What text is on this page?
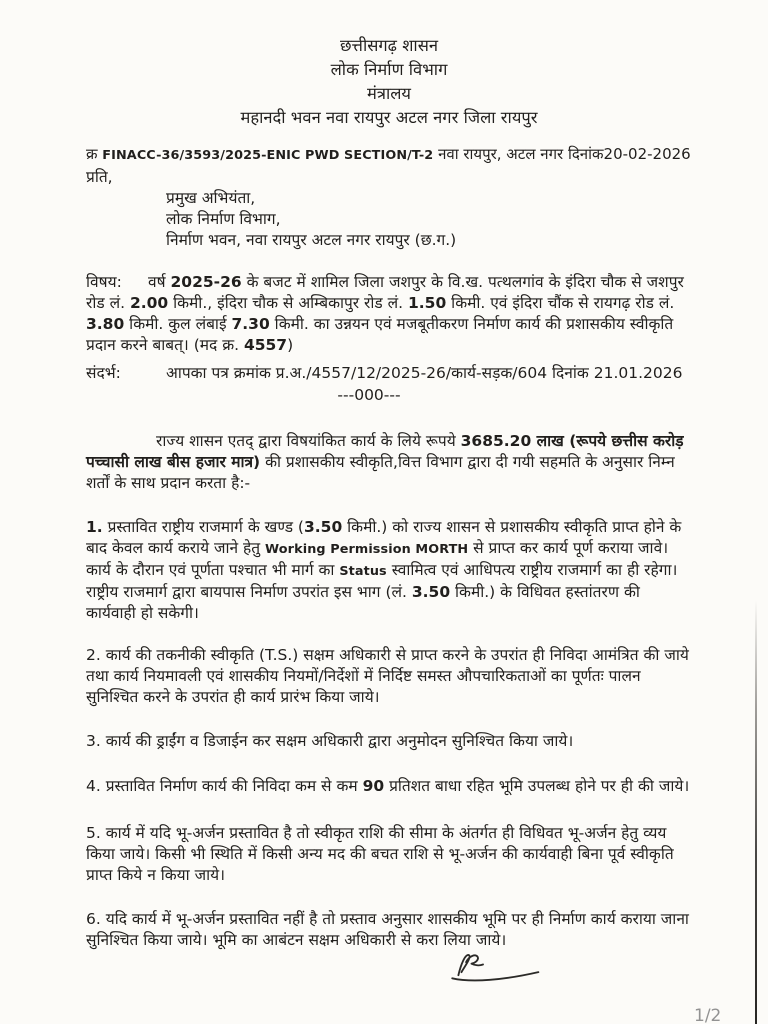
छत्तीसगढ़ शासन
लोक निर्माण विभाग
मंत्रालय
महानदी भवन नवा रायपुर अटल नगर जिला रायपुर
क्र FINACC-36/3593/2025-ENIC PWD SECTION/T-2 नवा रायपुर, अटल नगर दिनांक20-02-2026
प्रति,
प्रमुख अभियंता,
लोक निर्माण विभाग,
निर्माण भवन, नवा रायपुर अटल नगर रायपुर (छ.ग.)
विषय: वर्ष 2025-26 के बजट में शामिल जिला जशपुर के वि.ख. पत्थलगांव के इंदिरा चौक से जशपुर रोड लं. 2.00 किमी., इंदिरा चौक से अम्बिकापुर रोड लं. 1.50 किमी. एवं इंदिरा चौंक से रायगढ़ रोड लं. 3.80 किमी. कुल लंबाई 7.30 किमी. का उन्नयन एवं मजबूतीकरण निर्माण कार्य की प्रशासकीय स्वीकृति प्रदान करने बाबत्। (मद क्र. 4557)
संदर्भ:	आपका पत्र क्रमांक प्र.अ./4557/12/2025-26/कार्य-सड़क/604 दिनांक 21.01.2026
---000---

राज्य शासन एतद् द्वारा विषयांकित कार्य के लिये रूपये 3685.20 लाख (रूपये छत्तीस करोड़ पच्चासी लाख बीस हजार मात्र) की प्रशासकीय स्वीकृति,वित्त विभाग द्वारा दी गयी सहमति के अनुसार निम्न शर्तों के साथ प्रदान करता है:-

1. प्रस्तावित राष्ट्रीय राजमार्ग के खण्ड (3.50 किमी.) को राज्य शासन से प्रशासकीय स्वीकृति प्राप्त होने के बाद केवल कार्य कराये जाने हेतु Working Permission MORTH से प्राप्त कर कार्य पूर्ण कराया जावे। कार्य के दौरान एवं पूर्णता पश्चात भी मार्ग का Status स्वामित्व एवं आधिपत्य राष्ट्रीय राजमार्ग का ही रहेगा। राष्ट्रीय राजमार्ग द्वारा बायपास निर्माण उपरांत इस भाग (लं. 3.50 किमी.) के विधिवत हस्तांतरण की कार्यवाही हो सकेगी।

2. कार्य की तकनीकी स्वीकृति (T.S.) सक्षम अधिकारी से प्राप्त करने के उपरांत ही निविदा आमंत्रित की जाये तथा कार्य नियमावली एवं शासकीय नियमों/निर्देशों में निर्दिष्ट समस्त औपचारिकताओं का पूर्णतः पालन सुनिश्चित करने के उपरांत ही कार्य प्रारंभ किया जाये।

3. कार्य की ड्राईंग व डिजाईन कर सक्षम अधिकारी द्वारा अनुमोदन सुनिश्चित किया जाये।

4. प्रस्तावित निर्माण कार्य की निविदा कम से कम 90 प्रतिशत बाधा रहित भूमि उपलब्ध होने पर ही की जाये।

5. कार्य में यदि भू-अर्जन प्रस्तावित है तो स्वीकृत राशि की सीमा के अंतर्गत ही विधिवत भू-अर्जन हेतु व्यय किया जाये। किसी भी स्थिति में किसी अन्य मद की बचत राशि से भू-अर्जन की कार्यवाही बिना पूर्व स्वीकृति प्राप्त किये न किया जाये।

6. यदि कार्य में भू-अर्जन प्रस्तावित नहीं है तो प्रस्ताव अनुसार शासकीय भूमि पर ही निर्माण कार्य कराया जाना सुनिश्चित किया जाये। भूमि का आबंटन सक्षम अधिकारी से करा लिया जाये।

1/2
